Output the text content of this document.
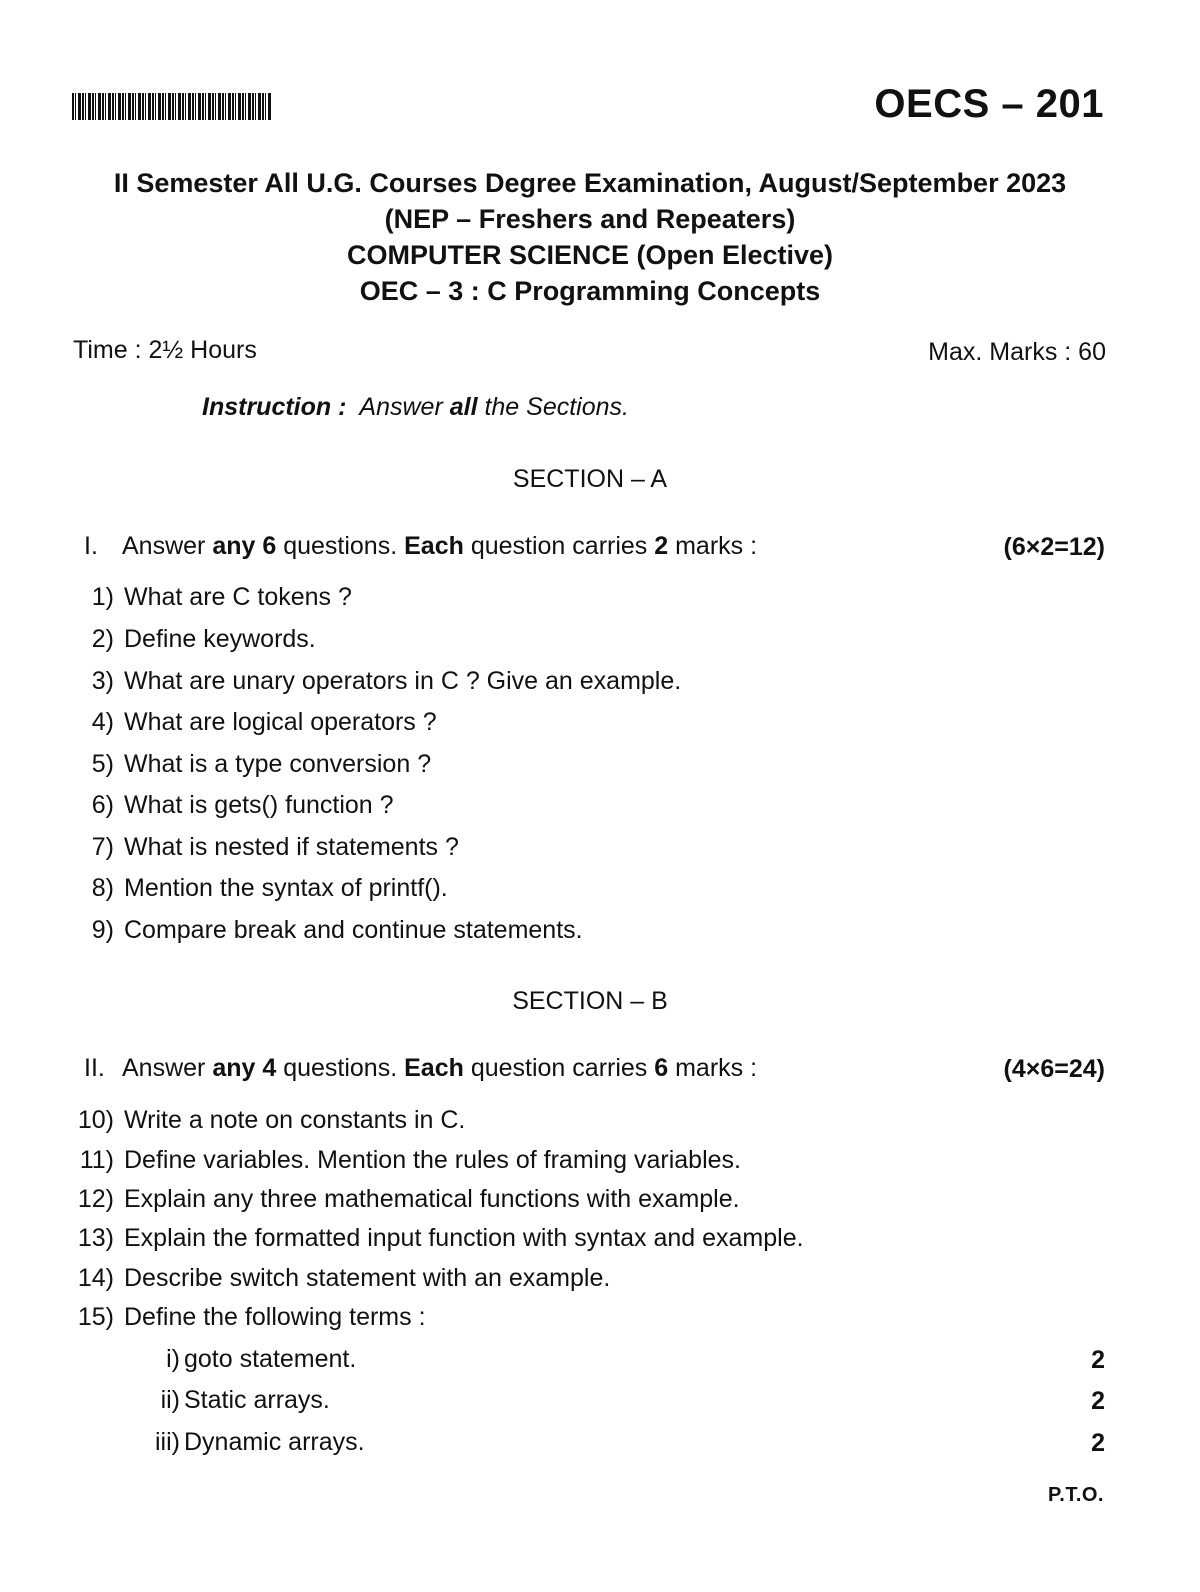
OECS – 201
II Semester All U.G. Courses Degree Examination, August/September 2023
(NEP – Freshers and Repeaters)
COMPUTER SCIENCE (Open Elective)
OEC – 3 : C Programming Concepts
Time : 2½ Hours	Max. Marks : 60
Instruction : Answer all the Sections.
SECTION – A
I. Answer any 6 questions. Each question carries 2 marks :	(6×2=12)
1) What are C tokens ?
2) Define keywords.
3) What are unary operators in C ? Give an example.
4) What are logical operators ?
5) What is a type conversion ?
6) What is gets() function ?
7) What is nested if statements ?
8) Mention the syntax of printf().
9) Compare break and continue statements.
SECTION – B
II. Answer any 4 questions. Each question carries 6 marks :	(4×6=24)
10) Write a note on constants in C.
11) Define variables. Mention the rules of framing variables.
12) Explain any three mathematical functions with example.
13) Explain the formatted input function with syntax and example.
14) Describe switch statement with an example.
15) Define the following terms :
i) goto statement.	2
ii) Static arrays.	2
iii) Dynamic arrays.	2
P.T.O.
